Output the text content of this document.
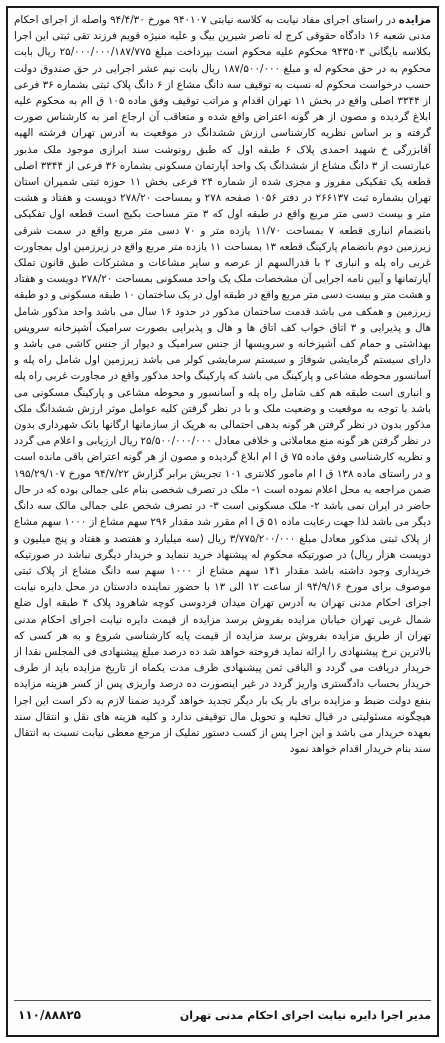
مزایده در راستای اجرای مفاد نیابت به کلاسه نیابتی ۹۴۰۱۰۷ مورخ ۹۴/۴/۳۰ واصله از اجرای احکام مدنی شعبه ۱۶ دادگاه حقوقی کرج له ناصر شیرین بیگ و علیه منیژه قویم فرزند تقی ثبتی این اجرا بکلاسه بایگانی ۹۴۳۵۰۳ محکوم علیه محکوم است بپرداخت مبلغ ۲۵/۰۰۰/۰۰۰/۱۸۷/۷۷۵ ریال بابت محکوم به در حق محکوم له و مبلغ ۱۸۷/۵۰۰/۰۰۰ ریال بابت نیم عشر اجرایی در حق صندوق دولت حسب درخواست محکوم له نسبت به توقیف سه دانگ مشاع از ۶ دانگ پلاک ثبتی بشماره ۳۶ فرعی از ۳۳۴۴ اصلی واقع در بخش ۱۱ تهران اقدام و مراتب توقیف وفق ماده ۱۰۵ ق اام به محکوم علیه ابلاغ گردیده و مصون از هر گونه اعتراض واقع شده و متعاقب آن ارجاع امر به کارشناس صورت گرفته و بر اساس نظریه کارشناسی ارزش ششدانگ در موقعیت به آدرس تهران فرشته الهیه آقابزرگی خ شهید احمدی پلاک ۶ طبقه اول که طبق رونوشت سند ابرازی موجود ملک مذبور عبارتست از ۳ دانگ مشاع از ششدانگ یک واحد آپارتمان مسکونی بشماره ۳۶ فرعی از ۳۳۴۴ اصلی قطعه یک تفکیکی مفروز و مجزی شده از شماره ۲۴ فرعی بخش ۱۱ حوزه ثبتی شمیران استان تهران بشماره ثبت ۲۶۶۱۳۷ در دفتر ۱۰۵۶ صفحه ۲۷۸ و بمساحت ۲۷۸/۲۰ دویست و هفتاد و هشت متر و بیست دسی متر مربع واقع در طبقه اول که ۳ متر مساحت بکیج است قطعه اول تفکیکی بانضمام انباری قطعه ۷ بمساحت ۱۱/۷۰ یازده متر و ۷۰ دسی متر مربع واقع در سمت شرقی زیرزمین دوم بانضمام پارکینگ قطعه ۱۳ بمساحت ۱۱ یازده متر مربع واقع در زیرزمین اول بمجاورت غربی راه پله و انباری ۲ با قدرالسهم از عرصه و سایر مشاعات و مشترکات طبق قانون تملک آپارتمانها و آیین نامه اجرایی آن مشخصات ملک یک واحد مسکونی بمساحت ۲۷۸/۲۰ دویست و هفتاد و هشت متر و بیست دسی متر مربع واقع در طبقه اول در یک ساختمان ۱۰ طبقه مسکونی و دو طبقه زیرزمین و همکف می باشد قدمت ساختمان مذکور در حدود ۱۶ سال می باشد واحد مذکور شامل هال و پذیرایی و ۳ اتاق خواب کف اتاق ها و هال و پذیرایی بصورت سرامیک آشپزخانه سرویس بهداشتی و حمام کف آشپزخانه و سرویسها از جنس سرامیک و دیوار از جنس کاشی می باشد و دارای سیستم گرمایشی شوفاژ و سیستم سرمایشی کولر می باشد زیرزمین اول شامل راه پله و آسانسور محوطه مشاعی و پارکینگ می باشد که پارکینگ واحد مذکور واقع در مجاورت غربی راه پله و انباری است طبقه هم کف شامل راه پله و آسانسور و محوطه مشاعی و پارکینگ مسکونی می باشد با توجه به موقعیت و وضعیت ملک و با در نظر گرفتن کلیه عوامل موثر ارزش ششدانگ ملک مذکور بدون در نظر گرفتن هر گونه بدهی احتمالی به هریک از سازمانها ارگانها بانک شهرداری بدون در نظر گرفتن هر گونه منع معاملاتی و خلافی معادل ۲۵/۵۰۰/۰۰۰/۰۰۰ ریال ارزیابی و اعلام می گردد و نظریه کارشناسی وفق ماده ۷۵ ق ا ام ابلاغ گردیده و مصون از هر گونه اعتراض باقی مانده است و در راستای ماده ۱۳۸ ق ا ام مامور کلانتری ۱۰۱ تجریش برابر گزارش ۹۴/۷/۲۲ مورخ ۱۹۵/۲۹/۱۰۷ ضمن مراجعه به محل اعلام نموده است ۱- ملک در تصرف شخصی بنام علی جمالی بوده که در حال حاضر در ایران نمی باشد ۲- ملک مسکونی است ۳- در تصرف شخص علی جمالی مالک سه دانگ دیگر می باشد لذا جهت رعایت ماده ۵۱ ق ا ام مقرر شد مقدار ۲۹۶ سهم مشاع از ۱۰۰۰ سهم مشاع از پلاک ثبتی مذکور معادل مبلغ ۳/۷۷۵/۲۰۰/۰۰۰ ریال (سه میلیارد و هفتصد و هفتاد و پنج میلیون و دویست هزار ریال) در صورتیکه محکوم له پیشنهاد خرید ننماید و خریدار دیگری نباشد در صورتیکه خریداری وجود داشته باشد مقدار ۱۴۱ سهم مشاع از ۱۰۰۰ سهم سه دانگ مشاع از پلاک ثبتی موصوف برای مورخ ۹۴/۹/۱۶ از ساعت ۱۲ الی ۱۳ با حضور نماینده دادستان در محل دایره نیابت اجرای احکام مدنی تهران به آدرس تهران میدان فردوسی کوچه شاهرود پلاک ۴ طبقه اول ضلع شمال غربی تهران خیابان مزایده بفروش برسد مزایده از قیمت دایره نیابت اجرای احکام مدنی تهران از طریق مزایده بفروش برسد مزایده از قیمت پایه کارشناسی شروع و به هر کسی که بالاترین نرخ پیشنهادی را ارائه نماید فروخته خواهد شد ده درصد مبلغ پیشنهادی فی المجلس نقدا از خریدار دریافت می گردد و الباقی ثمن پیشنهادی ظرف مدت یکماه از تاریخ مزایده باید از طرف خریدار بحساب دادگستری واریز گردد در غیر اینصورت ده درصد واریزی پس از کسر هزینه مزایده بنفع دولت ضبط و مزایده برای بار یک بار دیگر تجدید خواهد گردید ضمنا لازم به ذکر است این اجرا هیچگونه مسئولیتی در قبال تخلیه و تحویل مال توقیفی ندارد و کلیه هزینه های نقل و انتقال سند بعهده خریدار می باشد و این اجرا پس از کسب دستور تملیک از مرجع معطی نیابت نسبت به انتقال سند بنام خریدار اقدام خواهد نمود
۱۱۰/۸۸۸۲۵	مدیر اجرا دایره نیابت اجرای احکام مدنی تهران
